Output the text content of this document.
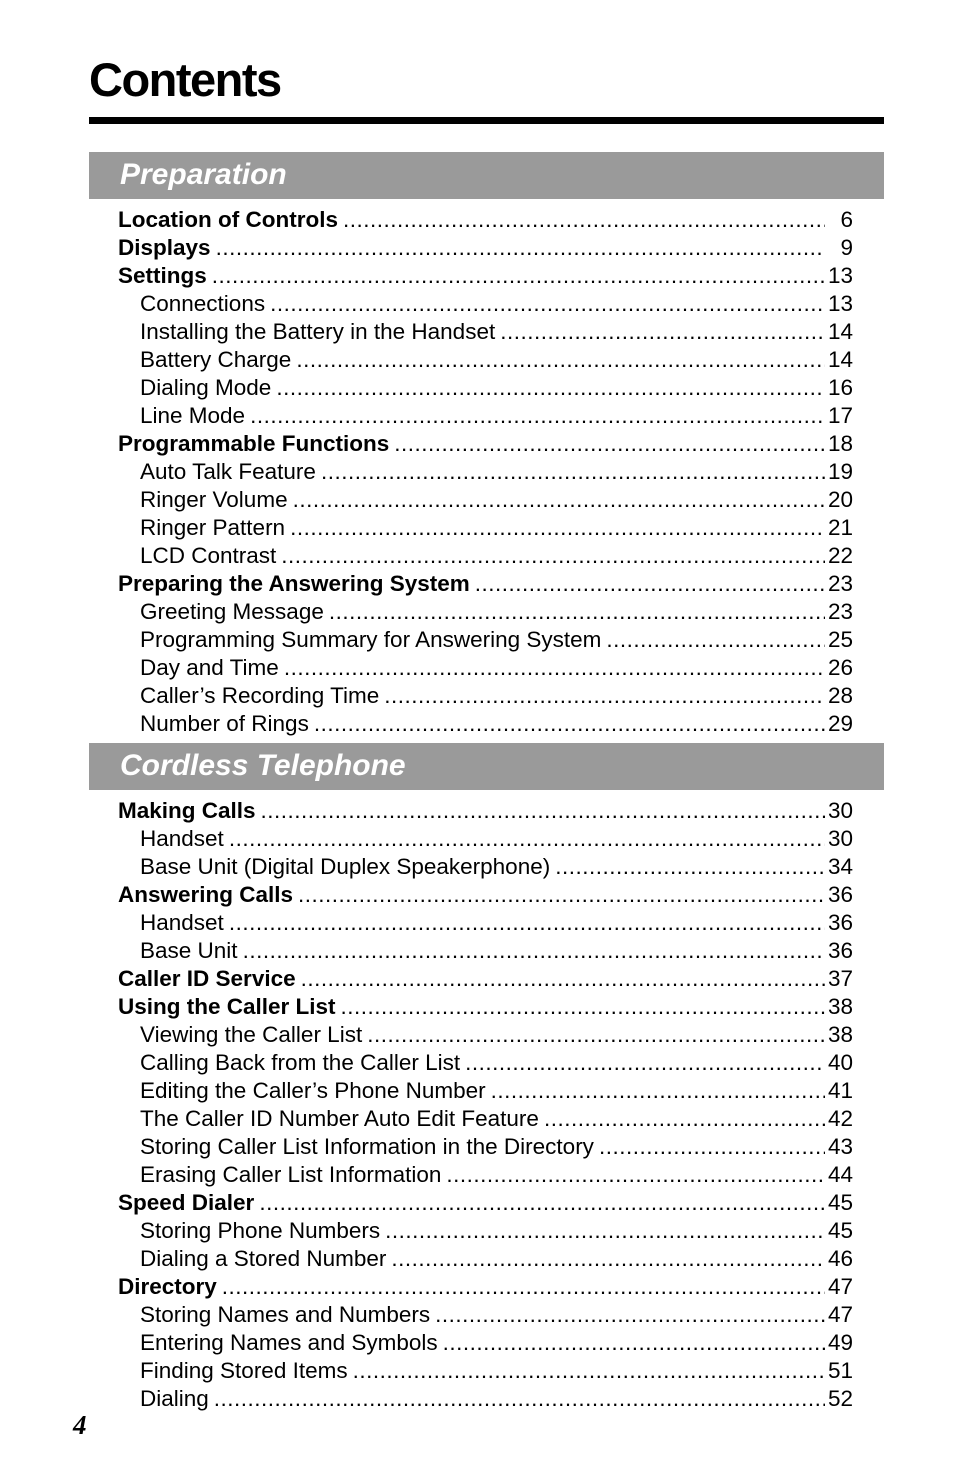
Contents
Preparation
Location of Controls .....	6
Displays .....	9
Settings .....	13
Connections .....	13
Installing the Battery in the Handset .....	14
Battery Charge .....	14
Dialing Mode .....	16
Line Mode .....	17
Programmable Functions .....	18
Auto Talk Feature .....	19
Ringer Volume .....	20
Ringer Pattern .....	21
LCD Contrast .....	22
Preparing the Answering System .....	23
Greeting Message .....	23
Programming Summary for Answering System .....	25
Day and Time .....	26
Caller’s Recording Time .....	28
Number of Rings .....	29
Cordless Telephone
Making Calls .....	30
Handset .....	30
Base Unit (Digital Duplex Speakerphone) .....	34
Answering Calls .....	36
Handset .....	36
Base Unit .....	36
Caller ID Service .....	37
Using the Caller List .....	38
Viewing the Caller List .....	38
Calling Back from the Caller List .....	40
Editing the Caller’s Phone Number .....	41
The Caller ID Number Auto Edit Feature .....	42
Storing Caller List Information in the Directory .....	43
Erasing Caller List Information .....	44
Speed Dialer .....	45
Storing Phone Numbers .....	45
Dialing a Stored Number .....	46
Directory .....	47
Storing Names and Numbers .....	47
Entering Names and Symbols .....	49
Finding Stored Items .....	51
Dialing .....	52
4
